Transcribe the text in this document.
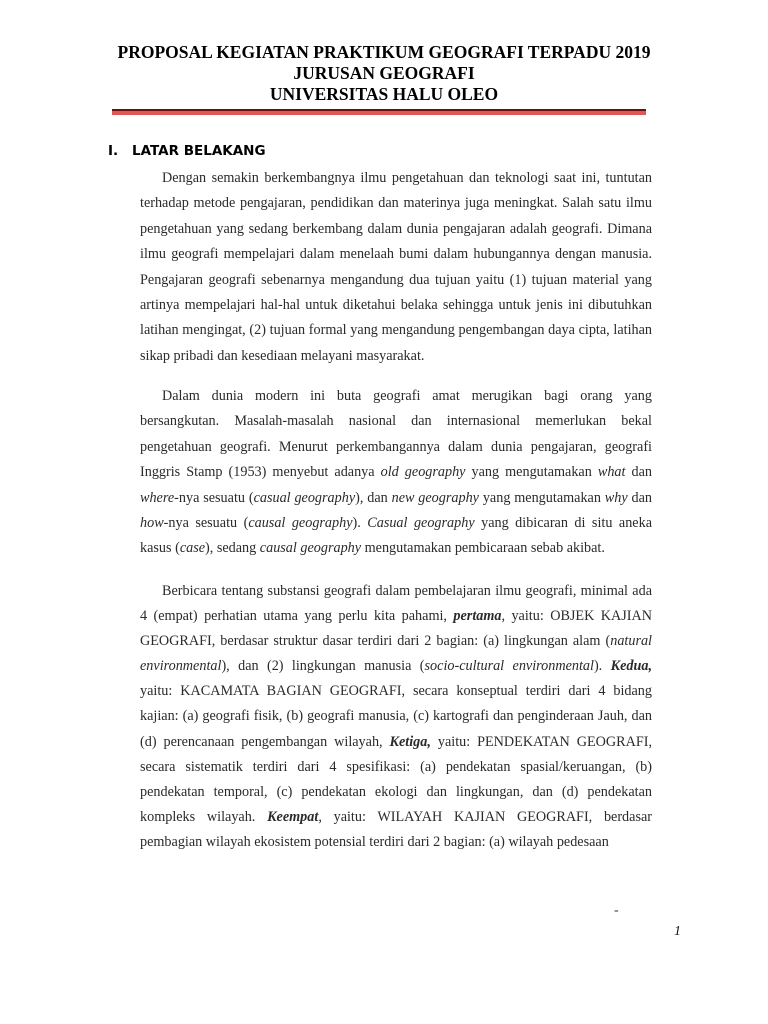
PROPOSAL KEGIATAN PRAKTIKUM GEOGRAFI TERPADU 2019
JURUSAN GEOGRAFI
UNIVERSITAS HALU OLEO
I. LATAR BELAKANG

Dengan semakin berkembangnya ilmu pengetahuan dan teknologi saat ini, tuntutan terhadap metode pengajaran, pendidikan dan materinya juga meningkat. Salah satu ilmu pengetahuan yang sedang berkembang dalam dunia pengajaran adalah geografi. Dimana ilmu geografi mempelajari dalam menelaah bumi dalam hubungannya dengan manusia. Pengajaran geografi sebenarnya mengandung dua tujuan yaitu (1) tujuan material yang artinya mempelajari hal-hal untuk diketahui belaka sehingga untuk jenis ini dibutuhkan latihan mengingat, (2) tujuan formal yang mengandung pengembangan daya cipta, latihan sikap pribadi dan kesediaan melayani masyarakat.

Dalam dunia modern ini buta geografi amat merugikan bagi orang yang bersangkutan. Masalah-masalah nasional dan internasional memerlukan bekal pengetahuan geografi. Menurut perkembangannya dalam dunia pengajaran, geografi Inggris Stamp (1953) menyebut adanya old geography yang mengutamakan what dan where-nya sesuatu (casual geography), dan new geography yang mengutamakan why dan how-nya sesuatu (causal geography). Casual geography yang dibicaran di situ aneka kasus (case), sedang causal geography mengutamakan pembicaraan sebab akibat.

Berbicara tentang substansi geografi dalam pembelajaran ilmu geografi, minimal ada 4 (empat) perhatian utama yang perlu kita pahami, pertama, yaitu: OBJEK KAJIAN GEOGRAFI, berdasar struktur dasar terdiri dari 2 bagian: (a) lingkungan alam (natural environmental), dan (2) lingkungan manusia (socio-cultural environmental). Kedua, yaitu: KACAMATA BAGIAN GEOGRAFI, secara konseptual terdiri dari 4 bidang kajian: (a) geografi fisik, (b) geografi manusia, (c) kartografi dan penginderaan Jauh, dan (d) perencanaan pengembangan wilayah, Ketiga, yaitu: PENDEKATAN GEOGRAFI, secara sistematik terdiri dari 4 spesifikasi: (a) pendekatan spasial/keruangan, (b) pendekatan temporal, (c) pendekatan ekologi dan lingkungan, dan (d) pendekatan kompleks wilayah. Keempat, yaitu: WILAYAH KAJIAN GEOGRAFI, berdasar pembagian wilayah ekosistem potensial terdiri dari 2 bagian: (a) wilayah pedesaan

-
1
